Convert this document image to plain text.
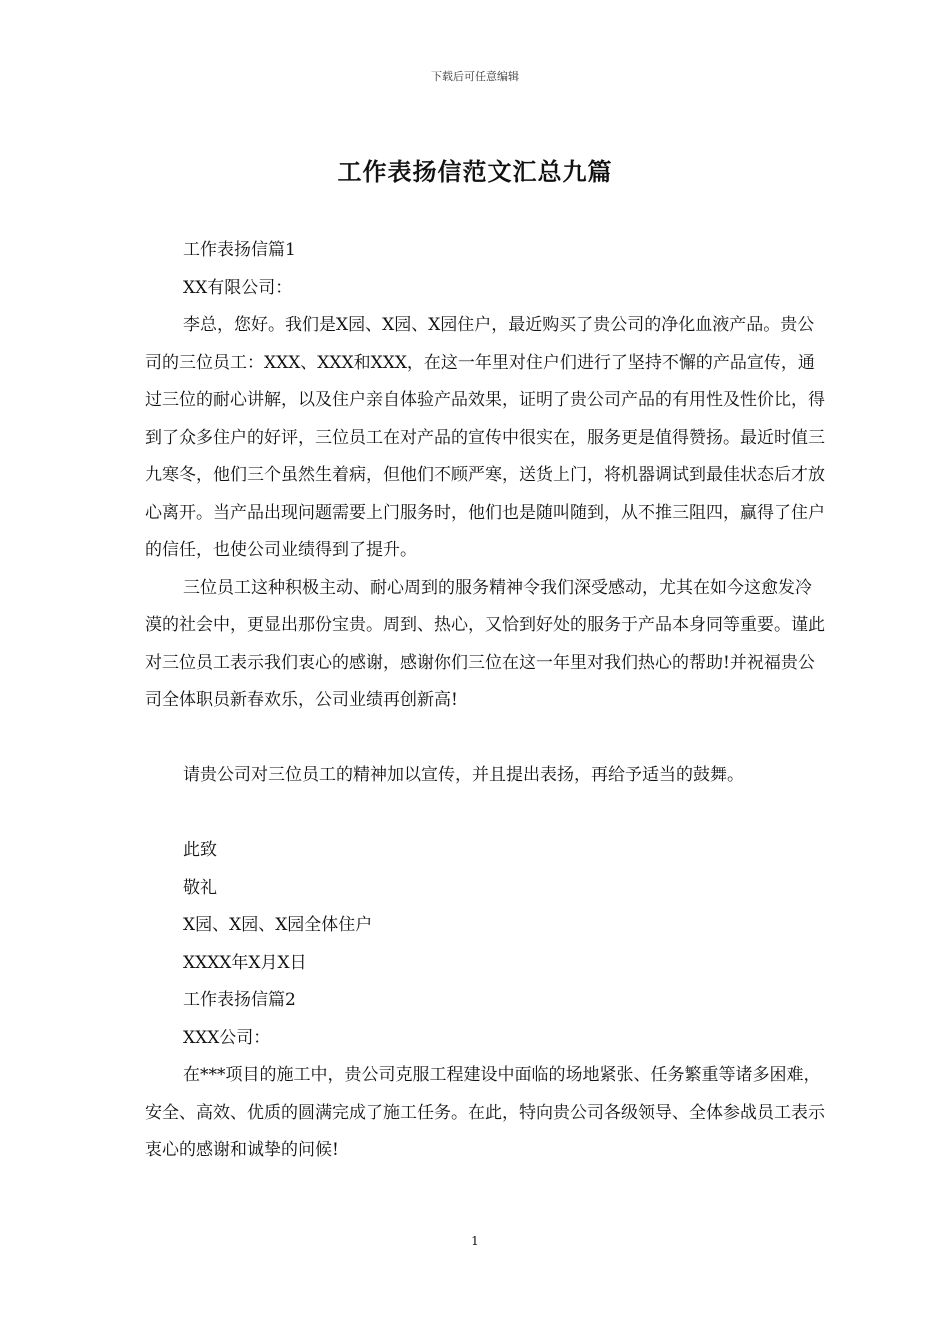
下载后可任意编辑
工作表扬信范文汇总九篇

工作表扬信篇1

XX有限公司：

李总，您好。我们是X园、X园、X园住户，最近购买了贵公司的净化血液产品。贵公司的三位员工：XXX、XXX和XXX，在这一年里对住户们进行了坚持不懈的产品宣传，通过三位的耐心讲解，以及住户亲自体验产品效果，证明了贵公司产品的有用性及性价比，得到了众多住户的好评，三位员工在对产品的宣传中很实在，服务更是值得赞扬。最近时值三九寒冬，他们三个虽然生着病，但他们不顾严寒，送货上门，将机器调试到最佳状态后才放心离开。当产品出现问题需要上门服务时，他们也是随叫随到，从不推三阻四，赢得了住户的信任，也使公司业绩得到了提升。

三位员工这种积极主动、耐心周到的服务精神令我们深受感动，尤其在如今这愈发冷漠的社会中，更显出那份宝贵。周到、热心，又恰到好处的服务于产品本身同等重要。谨此对三位员工表示我们衷心的感谢，感谢你们三位在这一年里对我们热心的帮助!并祝福贵公司全体职员新春欢乐，公司业绩再创新高!

请贵公司对三位员工的精神加以宣传，并且提出表扬，再给予适当的鼓舞。

此致

敬礼

X园、X园、X园全体住户

XXXX年X月X日

工作表扬信篇2

XXX公司：

在***项目的施工中，贵公司克服工程建设中面临的场地紧张、任务繁重等诸多困难，安全、高效、优质的圆满完成了施工任务。在此，特向贵公司各级领导、全体参战员工表示衷心的感谢和诚挚的问候!

1
